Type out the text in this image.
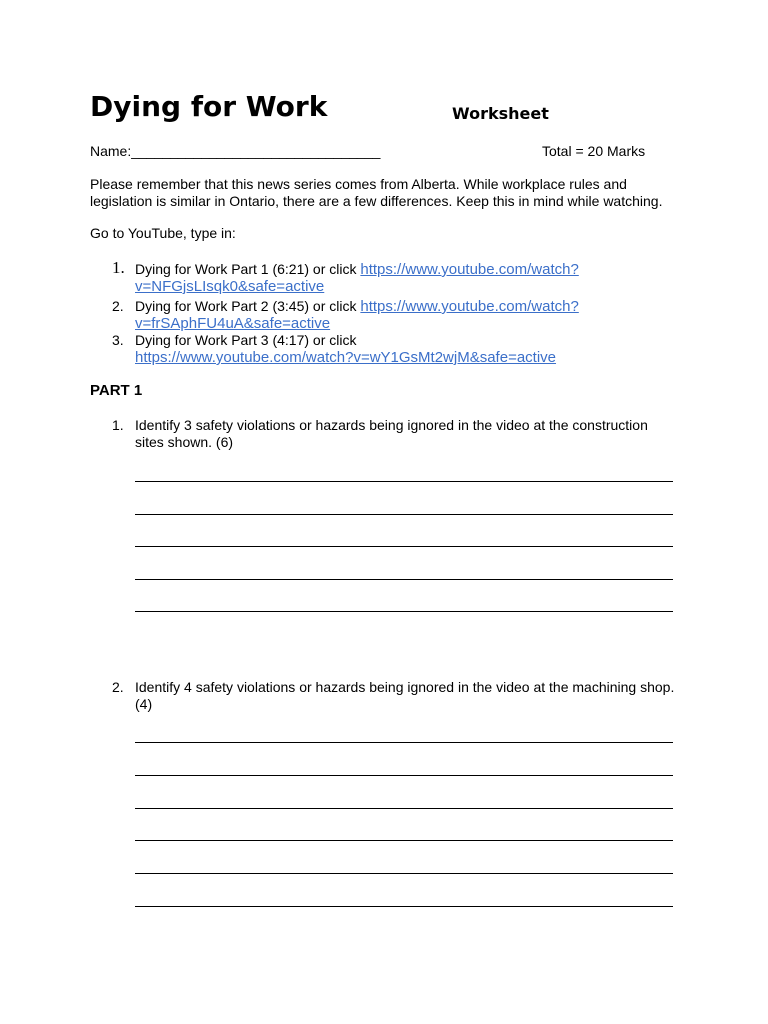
Dying for Work	Worksheet
Name:________________________________	Total = 20 Marks
Please remember that this news series comes from Alberta. While workplace rules and legislation is similar in Ontario, there are a few differences. Keep this in mind while watching.
Go to YouTube, type in:
1. Dying for Work Part 1 (6:21) or click https://www.youtube.com/watch?
v=NFGjsLIsqk0&safe=active
2. Dying for Work Part 2 (3:45) or click https://www.youtube.com/watch?
v=frSAphFU4uA&safe=active
3. Dying for Work Part 3 (4:17) or click
https://www.youtube.com/watch?v=wY1GsMt2wjM&safe=active
PART 1
1. Identify 3 safety violations or hazards being ignored in the video at the construction sites shown. (6)
2. Identify 4 safety violations or hazards being ignored in the video at the machining shop. (4)
